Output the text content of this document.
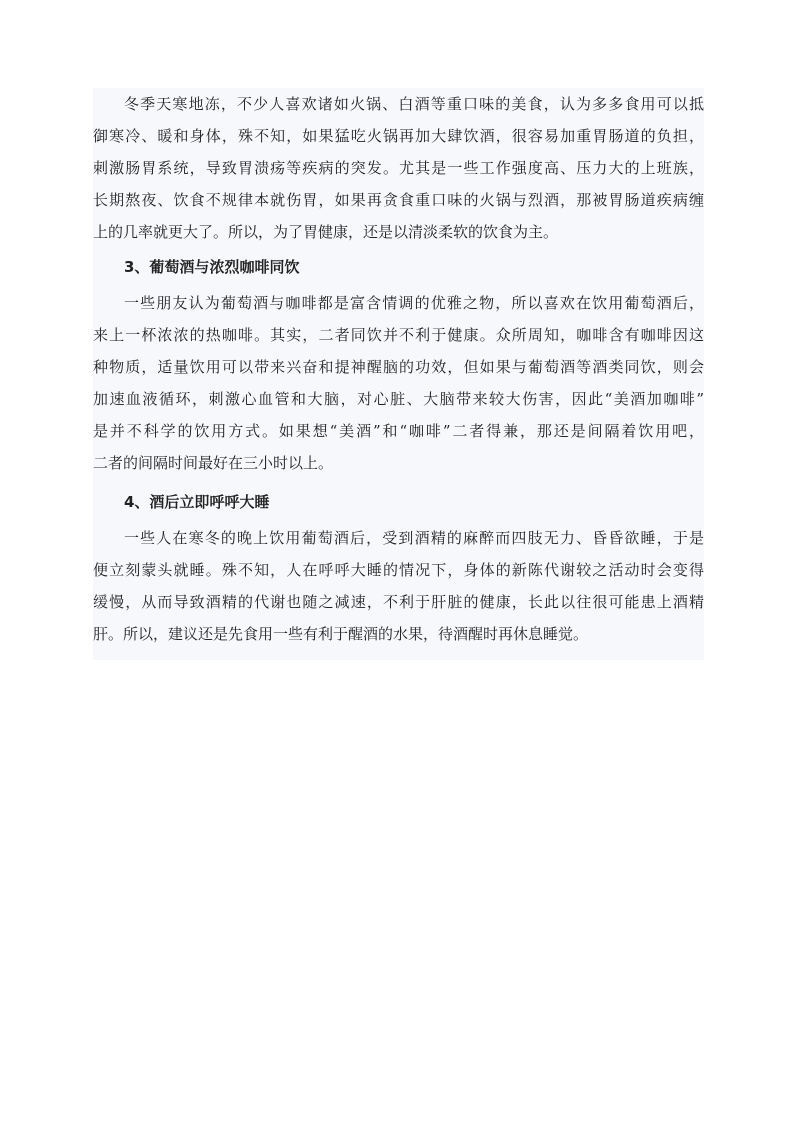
冬季天寒地冻，不少人喜欢诸如火锅、白酒等重口味的美食，认为多多食用可以抵
御寒冷、暖和身体，殊不知，如果猛吃火锅再加大肆饮酒，很容易加重胃肠道的负担，
刺激肠胃系统，导致胃溃疡等疾病的突发。尤其是一些工作强度高、压力大的上班族，
长期熬夜、饮食不规律本就伤胃，如果再贪食重口味的火锅与烈酒，那被胃肠道疾病缠
上的几率就更大了。所以，为了胃健康，还是以清淡柔软的饮食为主。
3、葡萄酒与浓烈咖啡同饮
一些朋友认为葡萄酒与咖啡都是富含情调的优雅之物，所以喜欢在饮用葡萄酒后，
来上一杯浓浓的热咖啡。其实，二者同饮并不利于健康。众所周知，咖啡含有咖啡因这
种物质，适量饮用可以带来兴奋和提神醒脑的功效，但如果与葡萄酒等酒类同饮，则会
加速血液循环，刺激心血管和大脑，对心脏、大脑带来较大伤害，因此“美酒加咖啡”
是并不科学的饮用方式。如果想“美酒”和“咖啡”二者得兼，那还是间隔着饮用吧，
二者的间隔时间最好在三小时以上。
4、酒后立即呼呼大睡
一些人在寒冬的晚上饮用葡萄酒后，受到酒精的麻醉而四肢无力、昏昏欲睡，于是
便立刻蒙头就睡。殊不知，人在呼呼大睡的情况下，身体的新陈代谢较之活动时会变得
缓慢，从而导致酒精的代谢也随之减速，不利于肝脏的健康，长此以往很可能患上酒精
肝。所以，建议还是先食用一些有利于醒酒的水果，待酒醒时再休息睡觉。
